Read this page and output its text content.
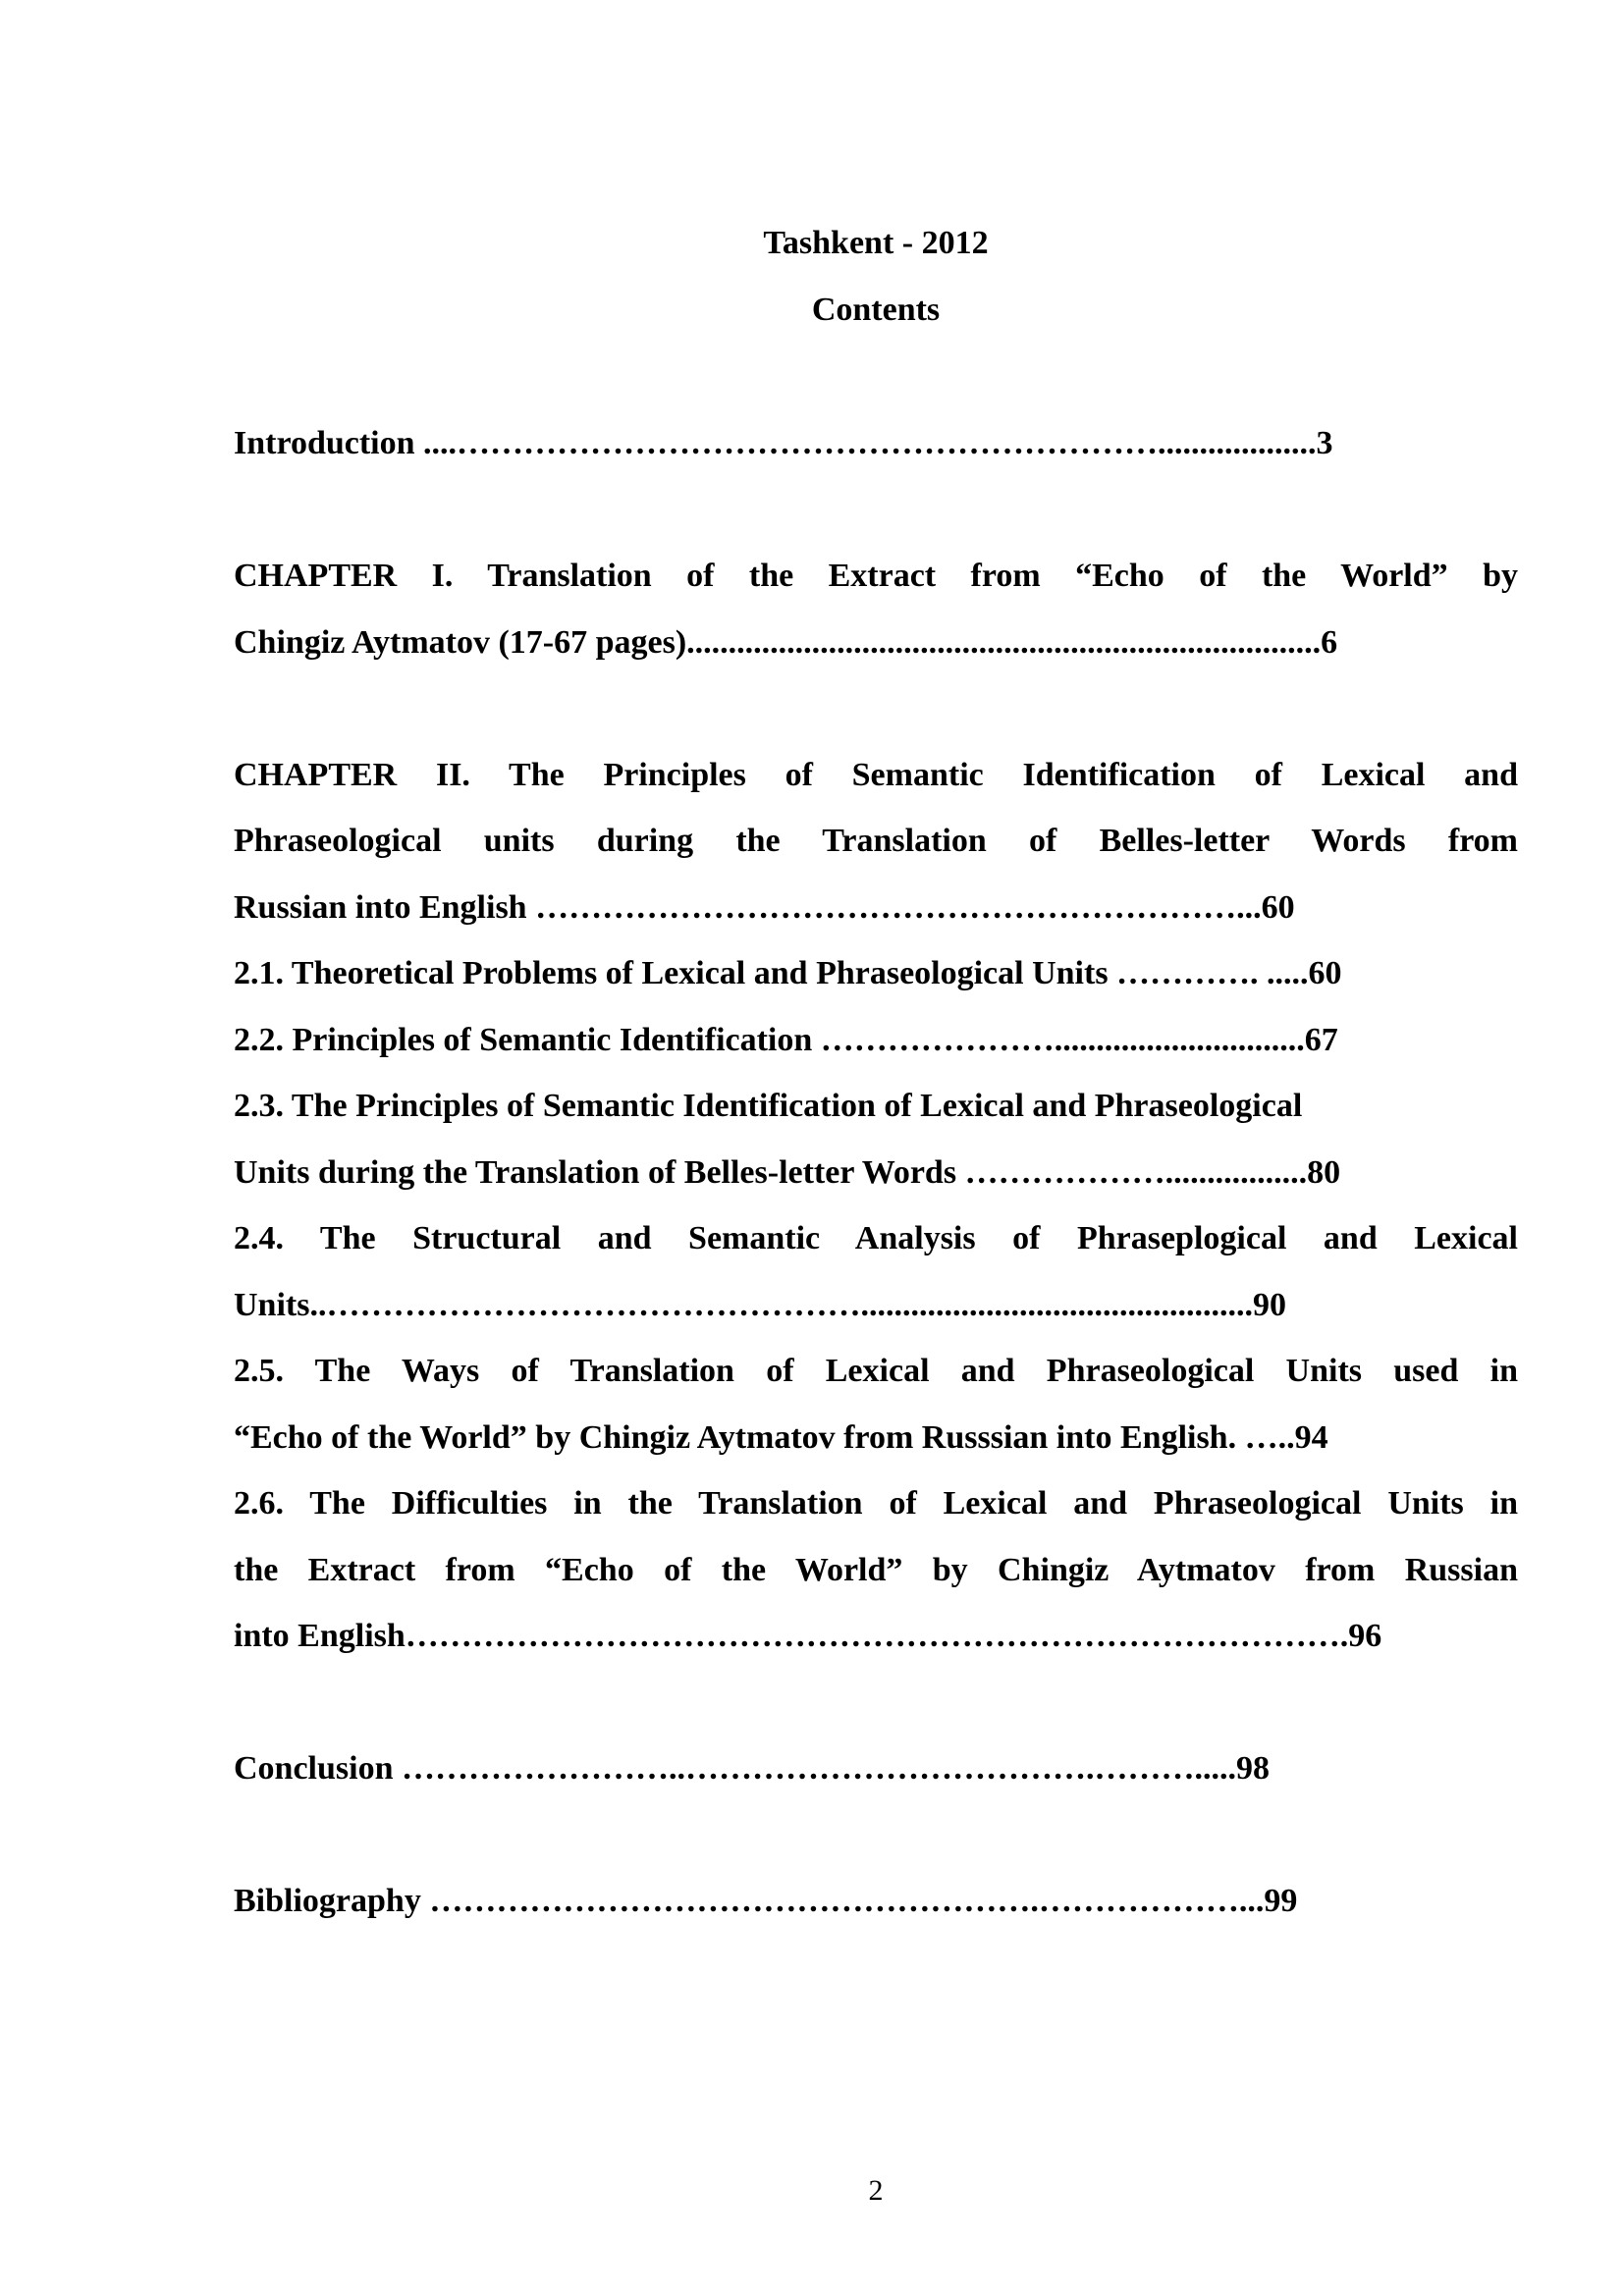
Tashkent - 2012
Contents
Introduction ....………………………………………………………...................3
CHAPTER I. Translation of the Extract from “Echo of the World” by
Chingiz Aytmatov (17-67 pages)............................................................................6
CHAPTER II. The Principles of Semantic Identification of Lexical and
Phraseological units during the Translation of Belles-letter Words from
Russian into English ………………………………………………………...60
2.1. Theoretical Problems of Lexical and Phraseological Units …………. .....60
2.2. Principles of Semantic Identification …………………..............................67
2.3. The Principles of Semantic Identification of Lexical and Phraseological
Units during the Translation of Belles-letter Words ……………….................80
2.4. The Structural and Semantic Analysis of Phraseplogical and Lexical
Units..…………………………………………...............................................90
2.5. The Ways of Translation of Lexical and Phraseological Units used in
“Echo of the World” by Chingiz Aytmatov from Russsian into English. …..94
2.6. The Difficulties in the Translation of Lexical and Phraseological Units in
the Extract from “Echo of the World” by Chingiz Aytmatov from Russian
into English………………………………………………………………………….96
Conclusion ……………………..……………………………….……….....98
Bibliography ……………………………………………….………………...99
2
